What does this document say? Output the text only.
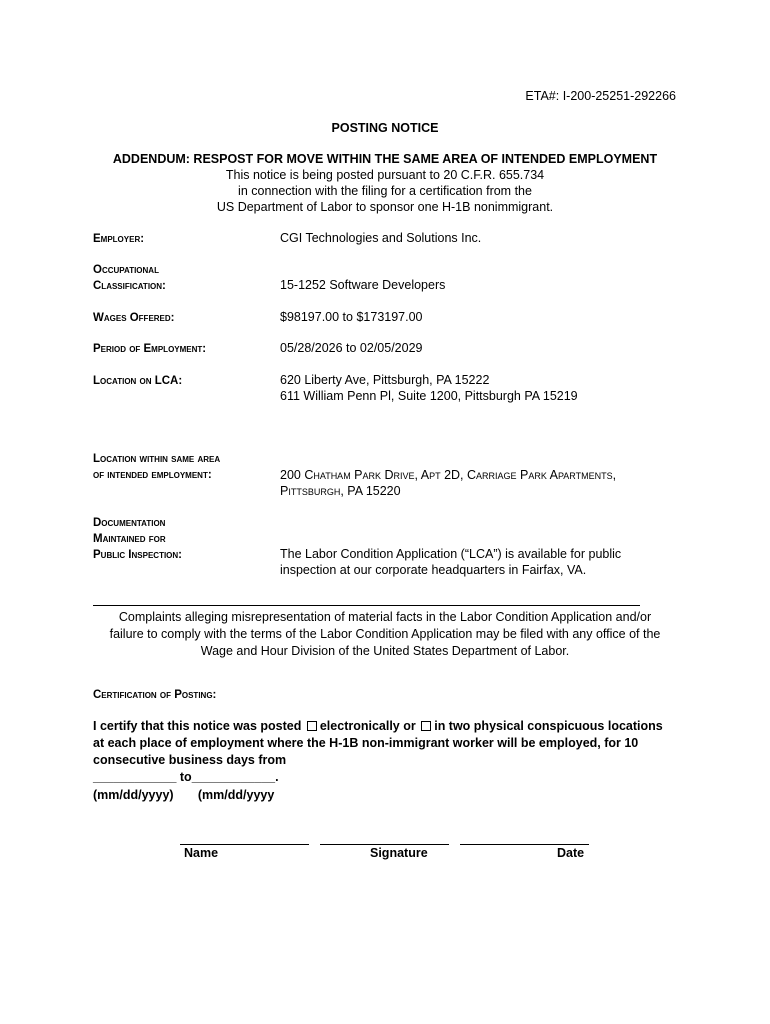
ETA#: I-200-25251-292266
POSTING NOTICE
ADDENDUM: RESPOST FOR MOVE WITHIN THE SAME AREA OF INTENDED EMPLOYMENT
This notice is being posted pursuant to 20 C.F.R. 655.734
in connection with the filing for a certification from the
US Department of Labor to sponsor one H-1B nonimmigrant.
Employer:	CGI Technologies and Solutions Inc.
Occupational
Classification:	15-1252 Software Developers
Wages Offered:	$98197.00 to $173197.00
Period of Employment:	05/28/2026 to 02/05/2029
Location on LCA:	620 Liberty Ave, Pittsburgh, PA 15222
611 William Penn Pl, Suite 1200, Pittsburgh PA 15219
Location within same area
of intended employment:	200 Chatham Park Drive, Apt 2D, Carriage Park Apartments,
Pittsburgh, PA 15220
Documentation
Maintained for
Public Inspection:	The Labor Condition Application (“LCA”) is available for public
inspection at our corporate headquarters in Fairfax, VA.
Complaints alleging misrepresentation of material facts in the Labor Condition Application and/or
failure to comply with the terms of the Labor Condition Application may be filed with any office of the
Wage and Hour Division of the United States Department of Labor.
Certification of Posting:
I certify that this notice was posted electronically or in two physical conspicuous locations
at each place of employment where the H-1B non-immigrant worker will be employed, for 10
consecutive business days from
____________ to____________.
(mm/dd/yyyy)       (mm/dd/yyyy
Name	Signature	Date
